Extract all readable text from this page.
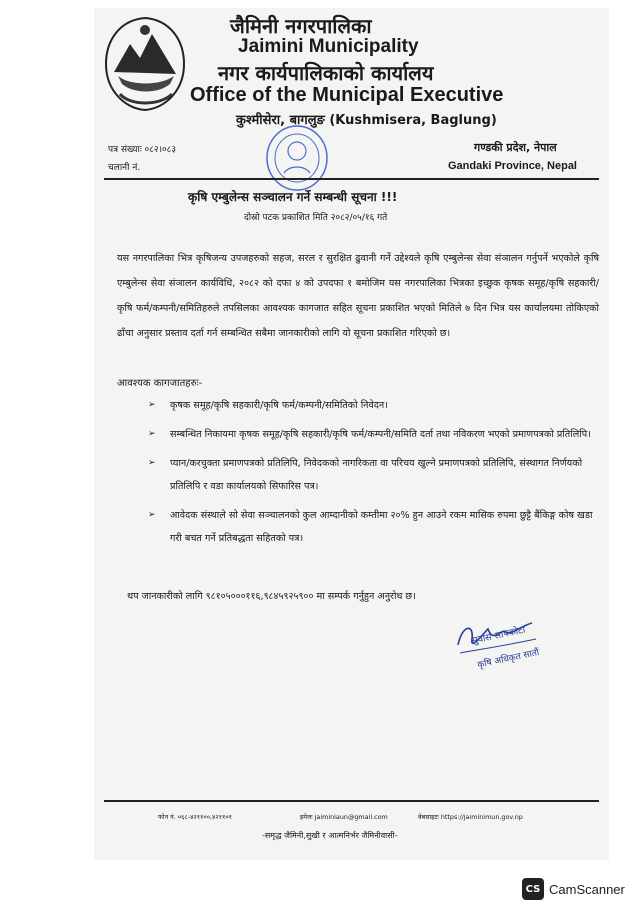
जैमिनी नगरपालिका
Jaimini Municipality
नगर कार्यपालिकाको कार्यालय
Office of the Municipal Executive
कुश्मीसेरा, बागलुङ (Kushmisera, Baglung)
पत्र संख्याः ०८२।०८३
चलानी नं.
गण्डकी प्रदेश, नेपाल
Gandaki Province, Nepal
कृषि एम्बुलेन्स सञ्चालन गर्ने सम्बन्धी सूचना !!!
दोस्रो पटक प्रकाशित मिति २०८२/०५/१६ गते
यस नगरपालिका भित्र कृषिजन्य उपजहरुको सहज, सरल र सुरक्षित ढुवानी गर्ने उद्देश्यले कृषि एम्बुलेन्स सेवा संञालन गर्नुपर्ने भएकोले कृषि एम्बुलेन्स सेवा संञालन कार्यविधि, २०८२ को दफा ४ को उपदफा १ बमोजिम यस नगरपालिका भित्रका इच्छुक कृषक समूह/कृषि सहकारी/कृषि फर्म/कम्पनी/समितिहरुले तपसिलका आवश्यक कागजात सहित सूचना प्रकाशित भएको मितिले ७ दिन भित्र यस कार्यालयमा तोकिएको ढाँचा अनुसार प्रस्ताव दर्ता गर्न सम्बन्धित सबैमा जानकारीको लागि यो सूचना प्रकाशित गरिएको छ।
आवश्यक कागजातहरुः-
➢ कृषक समूह/कृषि सहकारी/कृषि फर्म/कम्पनी/समितिको निवेदन।
➢ सम्बन्धित निकायमा कृषक समूह/कृषि सहकारी/कृषि फर्म/कम्पनी/समिति दर्ता तथा नविकरण भएको प्रमाणपत्रको प्रतिलिपि।
➢ प्यान/करचुक्ता प्रमाणपत्रको प्रतिलिपि, निवेदकको नागरिकता वा परिचय खुल्ने प्रमाणपत्रको प्रतिलिपि, संस्थागत निर्णयको प्रतिलिपि र वडा कार्यालयको सिफारिस पत्र।
➢ आवेदक संस्थाले सो सेवा सञ्चालनको कुल आम्दानीको कम्तीमा २०% हुन आउने रकम मासिक रुपमा छुट्टै बैंकिङ्ग कोष खडा गरी बचत गर्ने प्रतिबद्धता सहितको पत्र।
थप जानकारीको लागि ९८१०५०००११६,९८४५९२५९०० मा सम्पर्क गर्नुहुन अनुरोध छ।
सुवास सापकोटा
कृषि अधिकृत सातौं
फोन नं. ०६८-४२११००,४२११०१	इमेलः jaiminiaun@gmail.com	वेबसाइटः https://jaiminimun.gov.np
-समृद्ध जैमिनी,सुखी र आत्मनिर्भर जैमिनीवासी-
CS CamScanner
